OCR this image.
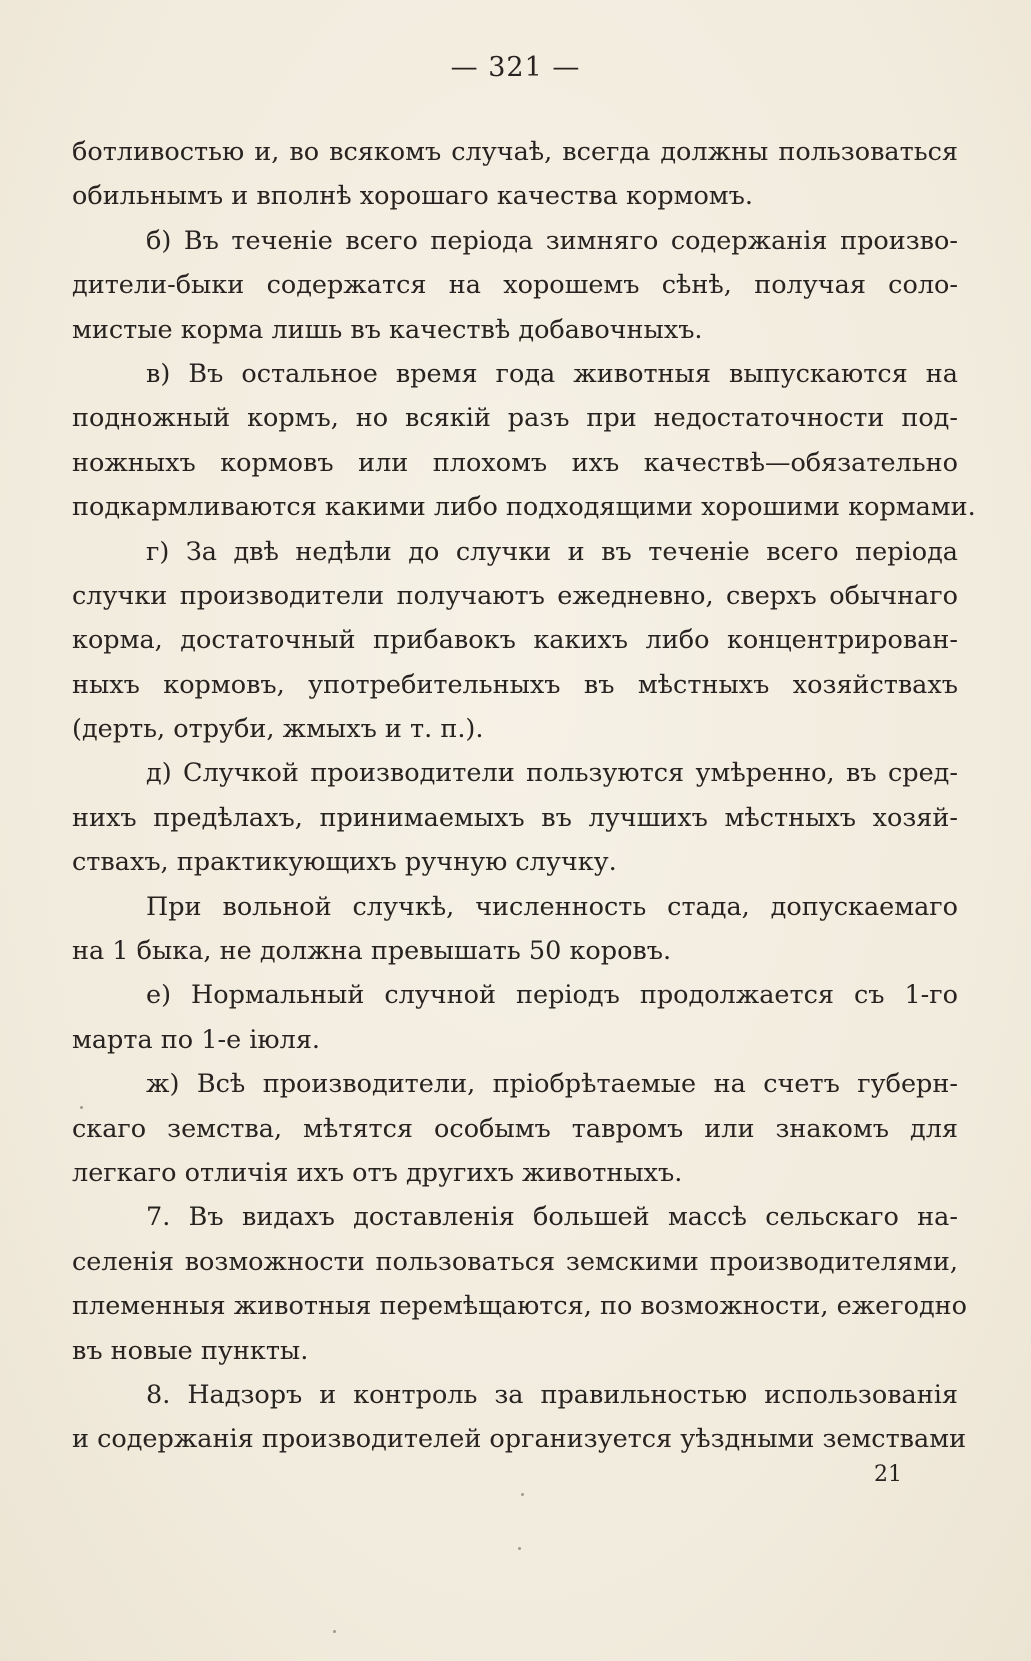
— 321 —
ботливостью и, во всякомъ случаѣ, всегда должны пользоваться
обильнымъ и вполнѣ хорошаго качества кормомъ.
б) Въ теченіе всего періода зимняго содержанія произво-
дители-быки содержатся на хорошемъ сѣнѣ, получая соло-
мистые корма лишь въ качествѣ добавочныхъ.
в) Въ остальное время года животныя выпускаются на
подножный кормъ, но всякій разъ при недостаточности под-
ножныхъ кормовъ или плохомъ ихъ качествѣ—обязательно
подкармливаются какими либо подходящими хорошими кормами.
г) За двѣ недѣли до случки и въ теченіе всего періода
случки производители получаютъ ежедневно, сверхъ обычнаго
корма, достаточный прибавокъ какихъ либо концентрирован-
ныхъ кормовъ, употребительныхъ въ мѣстныхъ хозяйствахъ
(дерть, отруби, жмыхъ и т. п.).
д) Случкой производители пользуются умѣренно, въ сред-
нихъ предѣлахъ, принимаемыхъ въ лучшихъ мѣстныхъ хозяй-
ствахъ, практикующихъ ручную случку.
При вольной случкѣ, численность стада, допускаемаго
на 1 быка, не должна превышать 50 коровъ.
е) Нормальный случной періодъ продолжается съ 1-го
марта по 1-е іюля.
ж) Всѣ производители, пріобрѣтаемые на счетъ губерн-
скаго земства, мѣтятся особымъ тавромъ или знакомъ для
легкаго отличія ихъ отъ другихъ животныхъ.
7. Въ видахъ доставленія большей массѣ сельскаго на-
селенія возможности пользоваться земскими производителями,
племенныя животныя перемѣщаются, по возможности, ежегодно
въ новые пункты.
8. Надзоръ и контроль за правильностью использованія
и содержанія производителей организуется уѣздными земствами
21
